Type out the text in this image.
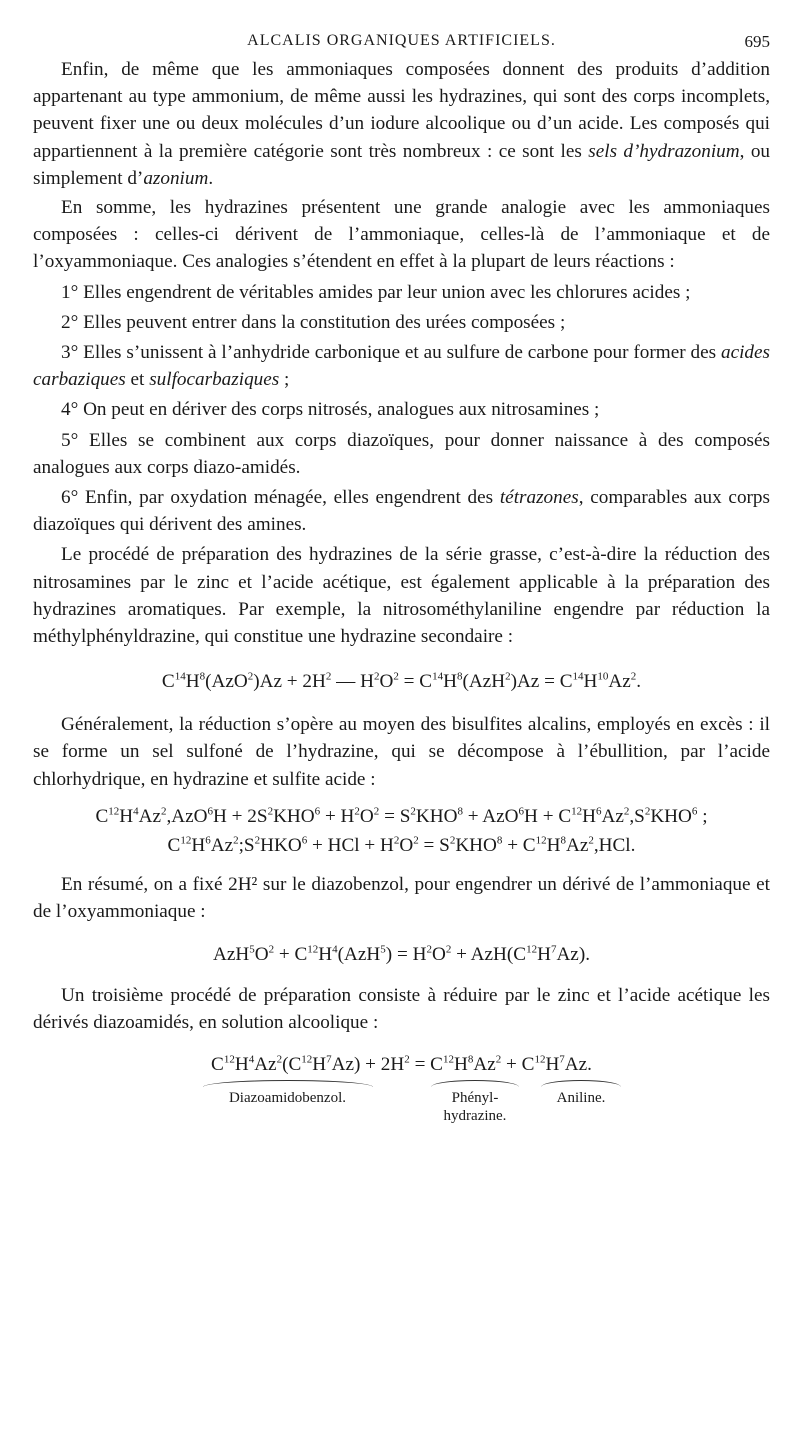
ALCALIS ORGANIQUES ARTIFICIELS.	695

Enfin, de même que les ammoniaques composées donnent des produits d’addition appartenant au type ammonium, de même aussi les hydrazines, qui sont des corps incomplets, peuvent fixer une ou deux molécules d’un iodure alcoolique ou d’un acide. Les composés qui appartiennent à la première catégorie sont très nombreux : ce sont les sels d’hydrazonium, ou simplement d’azonium.

En somme, les hydrazines présentent une grande analogie avec les ammoniaques composées : celles-ci dérivent de l’ammoniaque, celles-là de l’ammoniaque et de l’oxyammoniaque. Ces analogies s’étendent en effet à la plupart de leurs réactions :

1° Elles engendrent de véritables amides par leur union avec les chlorures acides ;

2° Elles peuvent entrer dans la constitution des urées composées ;

3° Elles s’unissent à l’anhydride carbonique et au sulfure de carbone pour former des acides carbaziques et sulfocarbaziques ;

4° On peut en dériver des corps nitrosés, analogues aux nitrosamines ;

5° Elles se combinent aux corps diazoïques, pour donner naissance à des composés analogues aux corps diazo-amidés.

6° Enfin, par oxydation ménagée, elles engendrent des tétrazones, comparables aux corps diazoïques qui dérivent des amines.

Le procédé de préparation des hydrazines de la série grasse, c’est-à-dire la réduction des nitrosamines par le zinc et l’acide acétique, est également applicable à la préparation des hydrazines aromatiques. Par exemple, la nitrosométhylaniline engendre par réduction la méthylphényldrazine, qui constitue une hydrazine secondaire :

$C^{14}H^8(AzO^2)Az + 2H^2$ — $H^2O^2 = C^{14}H^8(AzH^2)Az = C^{14}H^{10}Az^2$.

Généralement, la réduction s’opère au moyen des bisulfites alcalins, employés en excès : il se forme un sel sulfoné de l’hydrazine, qui se décompose à l’ébullition, par l’acide chlorhydrique, en hydrazine et sulfite acide :

$C^{12}H^4Az^2,AzO^6H + 2S^2KHO^6 + H^2O^2 = S^2KHO^8 + AzO^6H + C^{12}H^6Az^2,S^2KHO^6$ ;
$C^{12}H^6Az^2;S^2HKO^6$ + HCl + $H^2O^2 = S^2KHO^8 + C^{12}H^8Az^2,HCl$.

En résumé, on a fixé 2H² sur le diazobenzol, pour engendrer un dérivé de l’ammoniaque et de l’oxyammoniaque :

$AzH^5O^2 + C^{12}H^4(AzH^5) = H^2O^2 + AzH(C^{12}H^7Az)$.

Un troisième procédé de préparation consiste à réduire par le zinc et l’acide acétique les dérivés diazoamidés, en solution alcoolique :

$C^{12}H^4Az^2(C^{12}H^7Az) + 2H^2 = C^{12}H^8Az^2 + C^{12}H^7Az$.
Diazoamidobenzol.	Phényl-hydrazine.
Aniline.
